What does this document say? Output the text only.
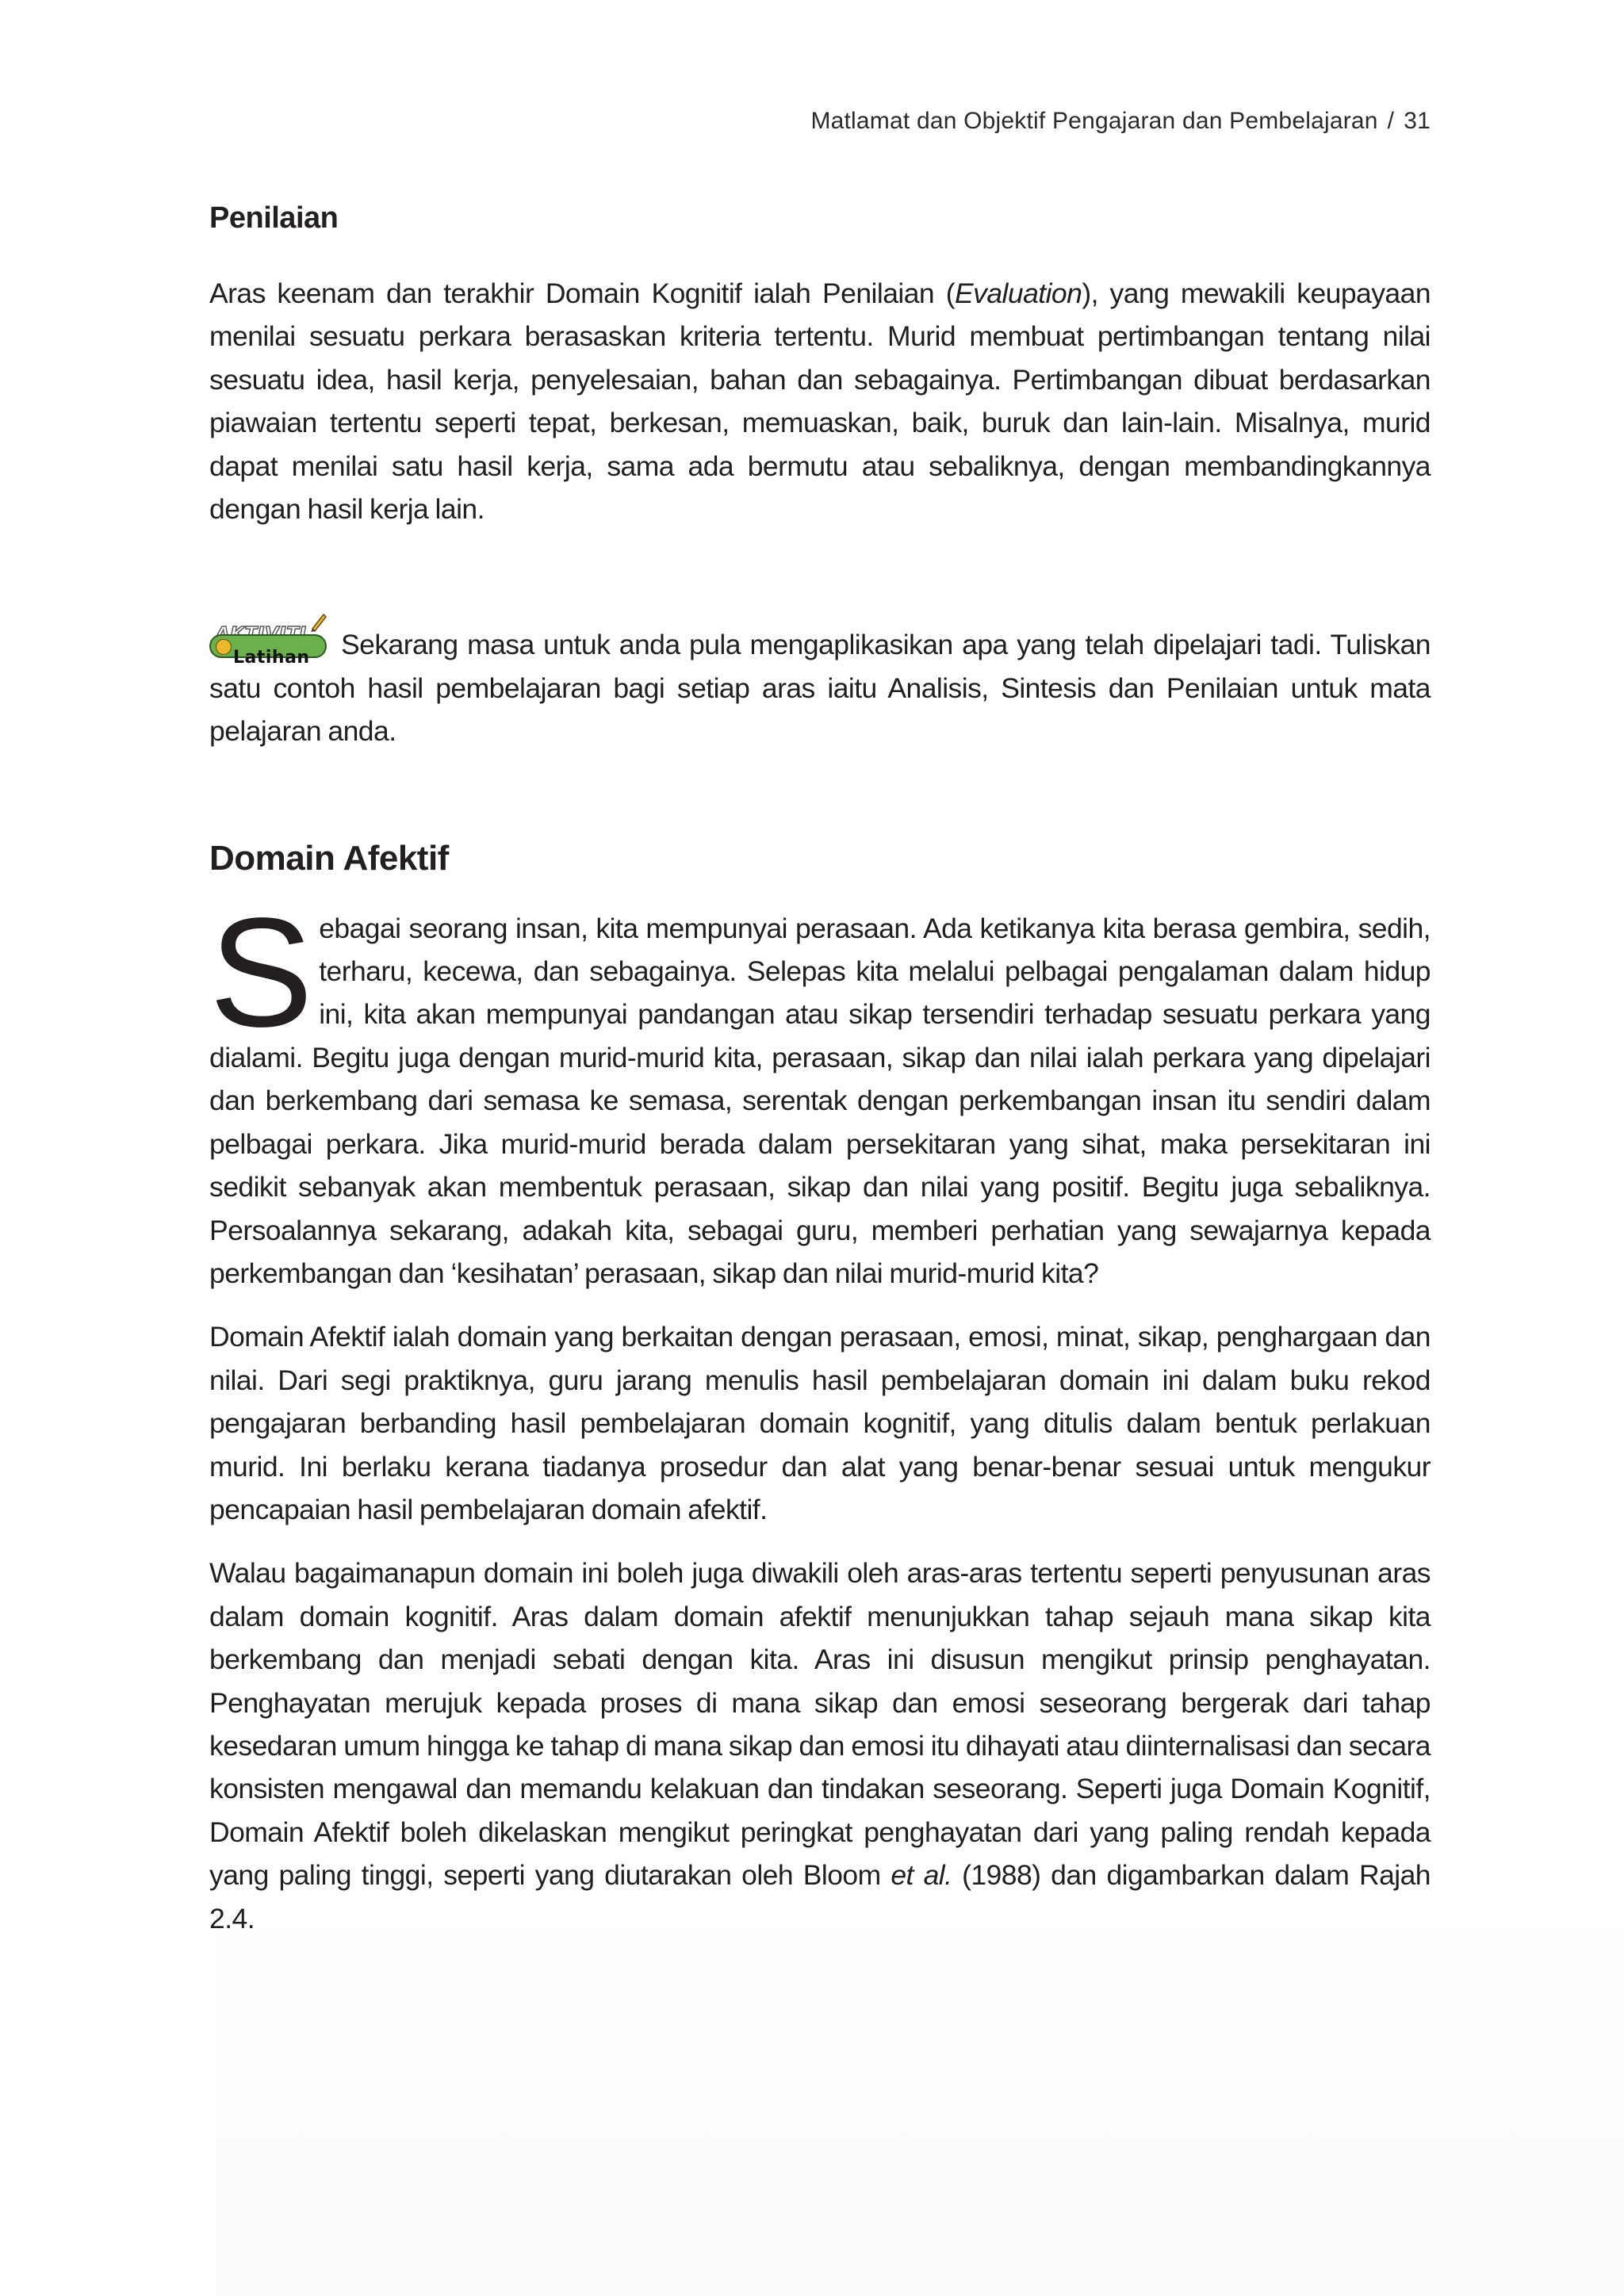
Matlamat dan Objektif Pengajaran dan Pembelajaran / 31
Penilaian

Aras keenam dan terakhir Domain Kognitif ialah Penilaian (Evaluation), yang mewakili keupayaan menilai sesuatu perkara berasaskan kriteria tertentu. Murid membuat pertimbangan tentang nilai sesuatu idea, hasil kerja, penyelesaian, bahan dan sebagainya. Pertimbangan dibuat berdasarkan piawaian tertentu seperti tepat, berkesan, memuaskan, baik, buruk dan lain-lain. Misalnya, murid dapat menilai satu hasil kerja, sama ada bermutu atau sebaliknya, dengan membandingkannya dengan hasil kerja lain.

Latihan Sekarang masa untuk anda pula mengaplikasikan apa yang telah dipelajari tadi. Tuliskan satu contoh hasil pembelajaran bagi setiap aras iaitu Analisis, Sintesis dan Penilaian untuk mata pelajaran anda.

Domain Afektif

Sebagai seorang insan, kita mempunyai perasaan. Ada ketikanya kita berasa gembira, sedih, terharu, kecewa, dan sebagainya. Selepas kita melalui pelbagai pengalaman dalam hidup ini, kita akan mempunyai pandangan atau sikap tersendiri terhadap sesuatu perkara yang dialami. Begitu juga dengan murid-murid kita, perasaan, sikap dan nilai ialah perkara yang dipelajari dan berkembang dari semasa ke semasa, serentak dengan perkembangan insan itu sendiri dalam pelbagai perkara. Jika murid-murid berada dalam persekitaran yang sihat, maka persekitaran ini sedikit sebanyak akan membentuk perasaan, sikap dan nilai yang positif. Begitu juga sebaliknya. Persoalannya sekarang, adakah kita, sebagai guru, memberi perhatian yang sewajarnya kepada perkembangan dan ‘kesihatan’ perasaan, sikap dan nilai murid-murid kita?

Domain Afektif ialah domain yang berkaitan dengan perasaan, emosi, minat, sikap, penghargaan dan nilai. Dari segi praktiknya, guru jarang menulis hasil pembelajaran domain ini dalam buku rekod pengajaran berbanding hasil pembelajaran domain kognitif, yang ditulis dalam bentuk perlakuan murid. Ini berlaku kerana tiadanya prosedur dan alat yang benar-benar sesuai untuk mengukur pencapaian hasil pembelajaran domain afektif.

Walau bagaimanapun domain ini boleh juga diwakili oleh aras-aras tertentu seperti penyusunan aras dalam domain kognitif. Aras dalam domain afektif menunjukkan tahap sejauh mana sikap kita berkembang dan menjadi sebati dengan kita. Aras ini disusun mengikut prinsip penghayatan. Penghayatan merujuk kepada proses di mana sikap dan emosi seseorang bergerak dari tahap kesedaran umum hingga ke tahap di mana sikap dan emosi itu dihayati atau diinternalisasi dan secara konsisten mengawal dan memandu kelakuan dan tindakan seseorang. Seperti juga Domain Kognitif, Domain Afektif boleh dikelaskan mengikut peringkat penghayatan dari yang paling rendah kepada yang paling tinggi, seperti yang diutarakan oleh Bloom et al. (1988) dan digambarkan dalam Rajah 2.4.
